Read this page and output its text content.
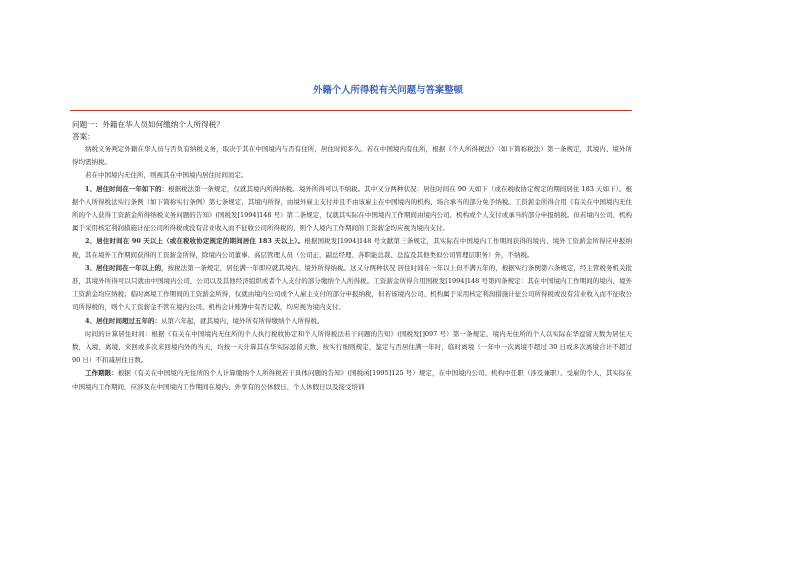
外籍个人所得税有关问题与答案整顿

问题一：外籍在华人员如何缴纳个人所得税？

答案：

纳税义务判定外籍在华人员与否负有纳税义务，取决于其在中国境内与否有住所，居住时间多久。若在中国境内有住所，根据《个人所得税法》（如下简称税法）第一条规定，其境内、境外所得均需纳税。

若在中国境内无住所，则视其在中国境内居住时间而定。

1、居住时间在一年如下的：根据税法第一条规定，仅就其境内所得纳税。境外所得可以不纳税。其中又分两种状况：居住时间在 90 天如下（或在税收协定规定的期间居住 183 天如下）。根据个人所得税法实行条例（如下简称实行条例）第七条规定，其境内所得，由境外雇主支付并且不由该雇主在中国境内的机构、场合承当的部分免予纳税。工资薪金所得合用《有关在中国境内无住所的个人获得工资薪金所得纳税义务问题的告知》(国税发[1994]148 号）第二条规定，仅就其实际在中国境内工作期间由境内公司、机构或个人支付或承当的部分申报纳税。但若境内公司、机构属于采用核定利润措施计征公司所得税或没有营业收入而不征收公司所得税的，则个人境内工作期间的工资薪金均应视为境内支付。

2、居住时间在 90 天以上（或在税收协定规定的期间居住 183 天以上）。根据国税发[1994]148 号文献第三条规定，其实际在中国境内工作期间获得的境内、境外工资薪金所得应申报纳税，其在境外工作期间获得的工资薪金所得，除境内公司董事、高层管理人员（公司正、副总经理、各职能总裁、总监及其他类似公司管理层职务）外，不纳税。

3、居住时间在一年以上的，按税法第一条规定，居住满一年即应就其境内、境外所得纳税。这又分两种状况 居住时间在一年以上但不满五年的，根据实行条例第六条规定，经主管税务机关批准，其境外所得可以只就由中国境内公司，公司以及其他经济组织或者个人支付的部分缴纳个人所得税。工资薪金所得合用国税发[1994]148 号第四条规定：其在中国境内工作期间的境内、境外工资薪金均应纳税；临时离境工作期间的工资薪金所得，仅就由境内公司或个人雇主支付的部分申报纳税，但若该境内公司、机构属于采用核定利润措施计征公司所得税或没有营业收入而不征收公司所得税的，则个人工资薪金不管在境内公司、机构会计账簿中有否记载，均应视为境内支付。

4、居住时间超过五年的：从第六年起，就其境内、境外所有所得缴纳个人所得税。

时间的计算居住时间：根据《有关在中国境内无住所的个人执行税收协定和个人所得税法若干问题的告知》(国税发[]097 号）第一条规定，境内无住所的个人以实际在华逗留天数为居住天数，入境、离境、来回或多次来回境内外的当天，均按一天计算其在华实际逗留天数，按实行细则规定，鉴定与否居住满一年时，临时离境（一年中一次离境不超过 30 日或多次离境合计不超过 90 日）不扣减居住日数。

工作期限：根据《有关在中国境内无住所的个人计算缴纳个人所得税若干具体问题的告知》(国税函[1995]125 号）规定，在中国境内公司、机构中任职（涉及兼职）、受雇的个人，其实际在中国境内工作期间，应涉及在中国境内工作期间在境内、外享有的公休假日、个人休假日以及接受培训
